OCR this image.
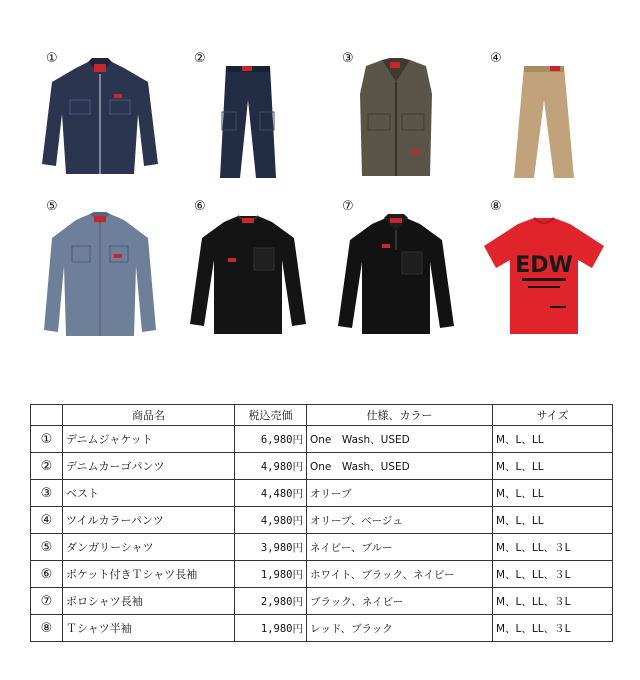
①	②	③	④
⑤	⑥	⑦	⑧
EDW
	商品名	税込売価	仕様、カラー	サイズ
①	デニムジャケット	6,980円	One　Wash、USED	M、L、LL
②	デニムカーゴパンツ	4,980円	One　Wash、USED	M、L、LL
③	ベスト	4,480円	オリーブ	M、L、LL
④	ツイルカラーパンツ	4,980円	オリーブ、ベージュ	M、L、LL
⑤	ダンガリーシャツ	3,980円	ネイビー、ブルー	M、L、LL、３L
⑥	ポケット付きＴシャツ長袖	1,980円	ホワイト、ブラック、ネイビー	M、L、LL、３L
⑦	ポロシャツ長袖	2,980円	ブラック、ネイビー	M、L、LL、３L
⑧	Ｔシャツ半袖	1,980円	レッド、ブラック	M、L、LL、３L
